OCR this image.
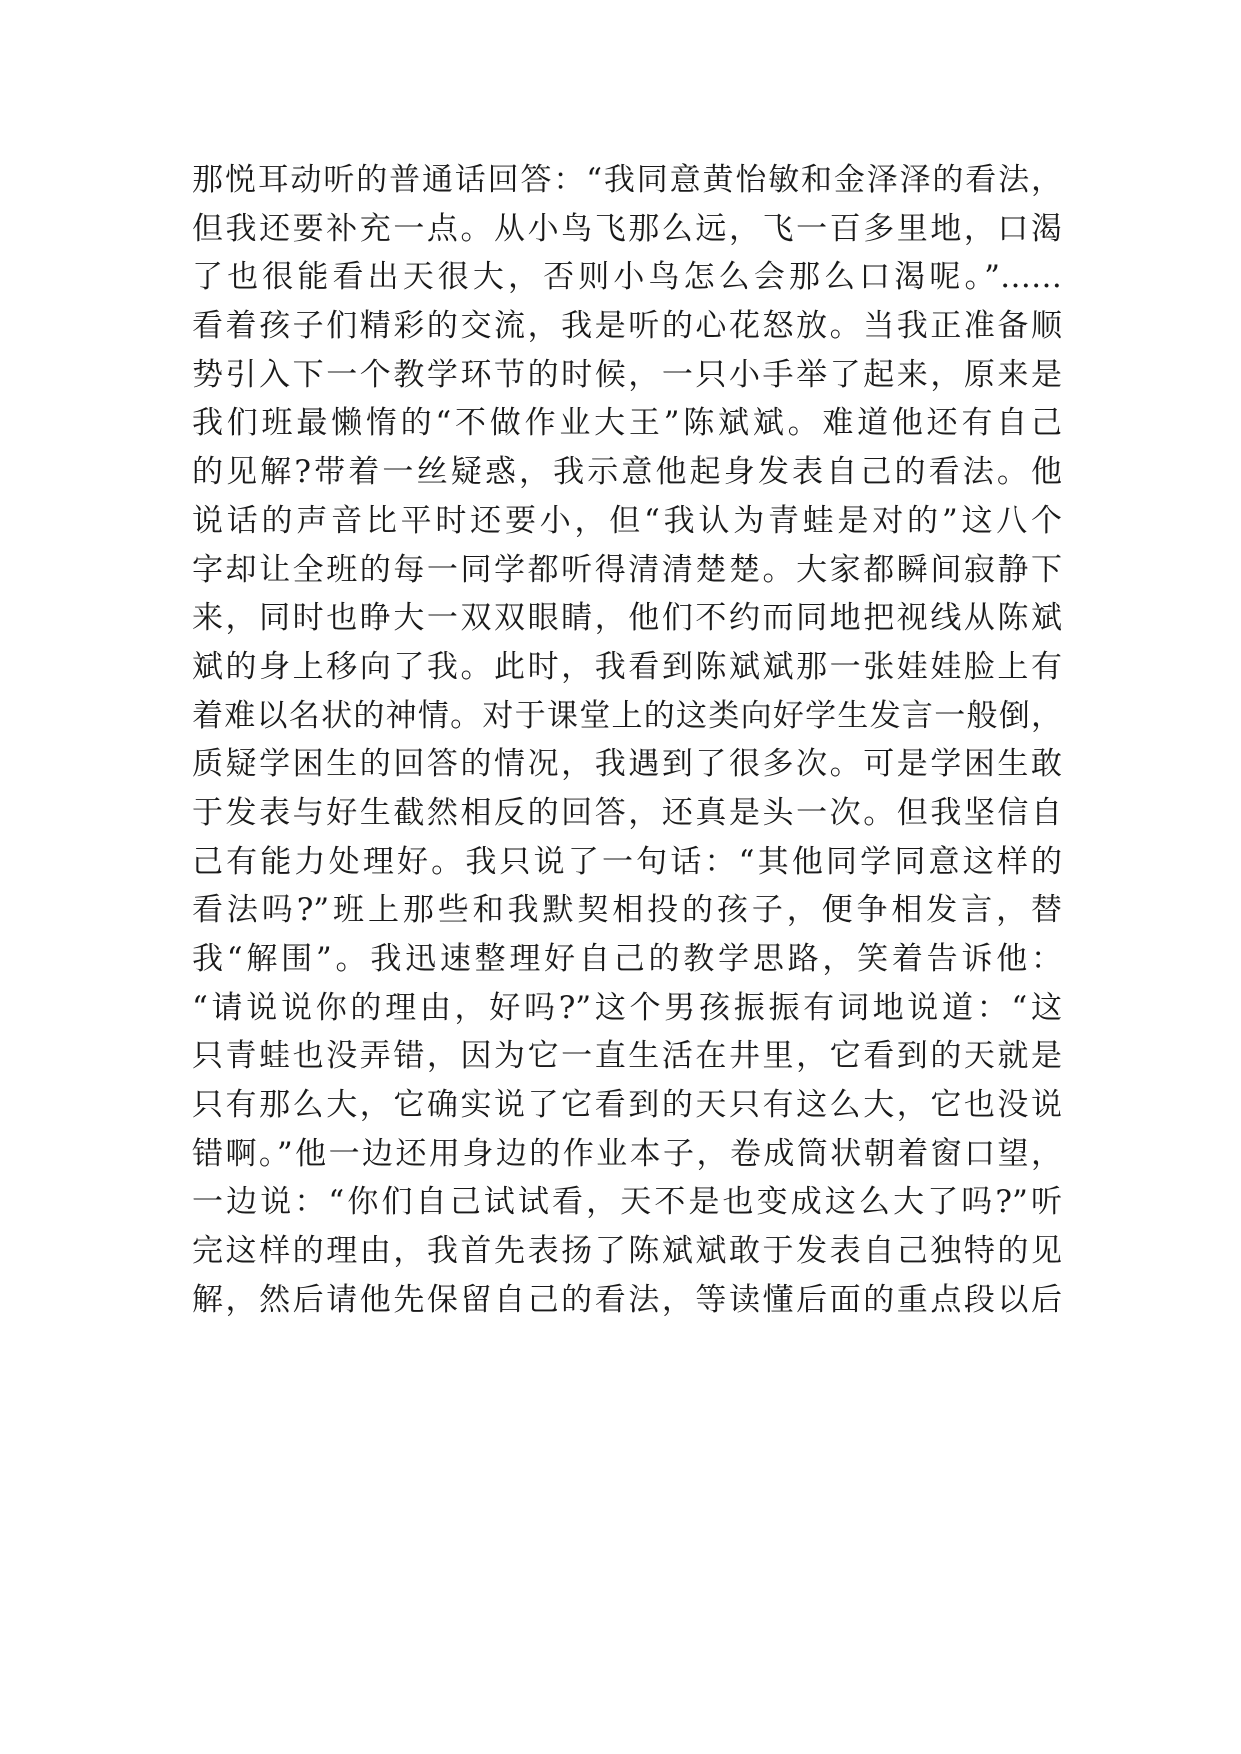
那悦耳动听的普通话回答：“我同意黄怡敏和金泽泽的看法，
但我还要补充一点。从小鸟飞那么远，飞一百多里地，口渴
了也很能看出天很大，否则小鸟怎么会那么口渴呢。”……
看着孩子们精彩的交流，我是听的心花怒放。当我正准备顺
势引入下一个教学环节的时候，一只小手举了起来，原来是
我们班最懒惰的“不做作业大王”陈斌斌。难道他还有自己
的见解?带着一丝疑惑，我示意他起身发表自己的看法。他
说话的声音比平时还要小，但“我认为青蛙是对的”这八个
字却让全班的每一同学都听得清清楚楚。大家都瞬间寂静下
来，同时也睁大一双双眼睛，他们不约而同地把视线从陈斌
斌的身上移向了我。此时，我看到陈斌斌那一张娃娃脸上有
着难以名状的神情。对于课堂上的这类向好学生发言一般倒，
质疑学困生的回答的情况，我遇到了很多次。可是学困生敢
于发表与好生截然相反的回答，还真是头一次。但我坚信自
己有能力处理好。我只说了一句话：“其他同学同意这样的
看法吗?”班上那些和我默契相投的孩子，便争相发言，替
我“解围”。我迅速整理好自己的教学思路，笑着告诉他：
“请说说你的理由，好吗?”这个男孩振振有词地说道：“这
只青蛙也没弄错，因为它一直生活在井里，它看到的天就是
只有那么大，它确实说了它看到的天只有这么大，它也没说
错啊。”他一边还用身边的作业本子，卷成筒状朝着窗口望，
一边说：“你们自己试试看，天不是也变成这么大了吗?”听
完这样的理由，我首先表扬了陈斌斌敢于发表自己独特的见
解，然后请他先保留自己的看法，等读懂后面的重点段以后
